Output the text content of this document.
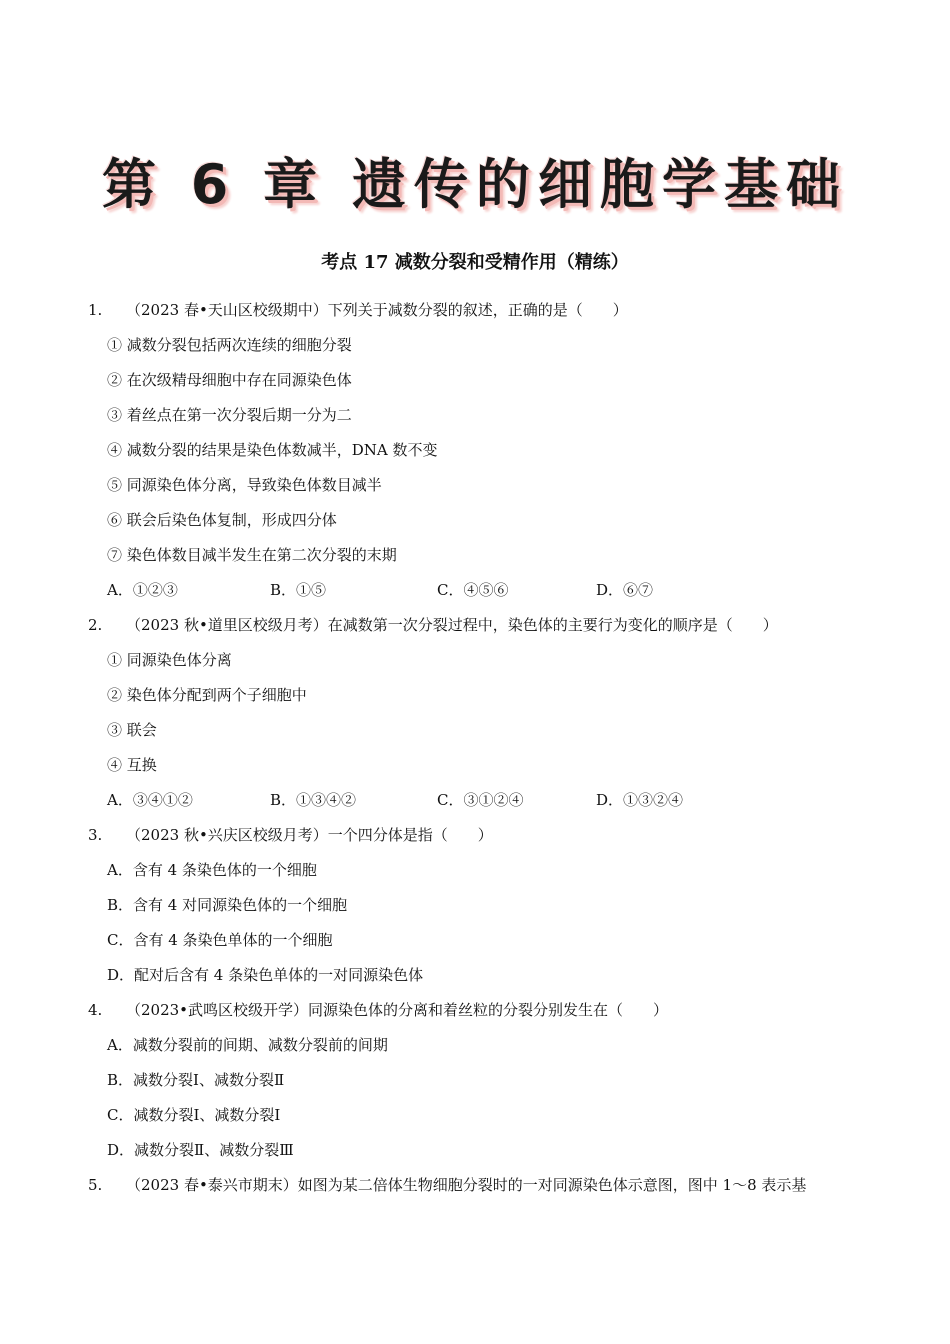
第 6 章 遗传的细胞学基础
考点 17 减数分裂和受精作用（精练）
1. （2023 春•天山区校级期中）下列关于减数分裂的叙述，正确的是（　　）
① 减数分裂包括两次连续的细胞分裂
② 在次级精母细胞中存在同源染色体
③ 着丝点在第一次分裂后期一分为二
④ 减数分裂的结果是染色体数减半，DNA 数不变
⑤ 同源染色体分离，导致染色体数目减半
⑥ 联会后染色体复制，形成四分体
⑦ 染色体数目减半发生在第二次分裂的末期
A．①②③	B．①⑤	C．④⑤⑥	D．⑥⑦
2. （2023 秋•道里区校级月考）在减数第一次分裂过程中，染色体的主要行为变化的顺序是（　　）
① 同源染色体分离
② 染色体分配到两个子细胞中
③ 联会
④ 互换
A．③④①②	B．①③④②	C．③①②④	D．①③②④
3. （2023 秋•兴庆区校级月考）一个四分体是指（　　）
A．含有 4 条染色体的一个细胞
B．含有 4 对同源染色体的一个细胞
C．含有 4 条染色单体的一个细胞
D．配对后含有 4 条染色单体的一对同源染色体
4. （2023•武鸣区校级开学）同源染色体的分离和着丝粒的分裂分别发生在（　　）
A．减数分裂前的间期、减数分裂前的间期
B．减数分裂Ⅰ、减数分裂Ⅱ
C．减数分裂Ⅰ、减数分裂Ⅰ
D．减数分裂Ⅱ、减数分裂Ⅲ
5. （2023 春•泰兴市期末）如图为某二倍体生物细胞分裂时的一对同源染色体示意图，图中 1～8 表示基
